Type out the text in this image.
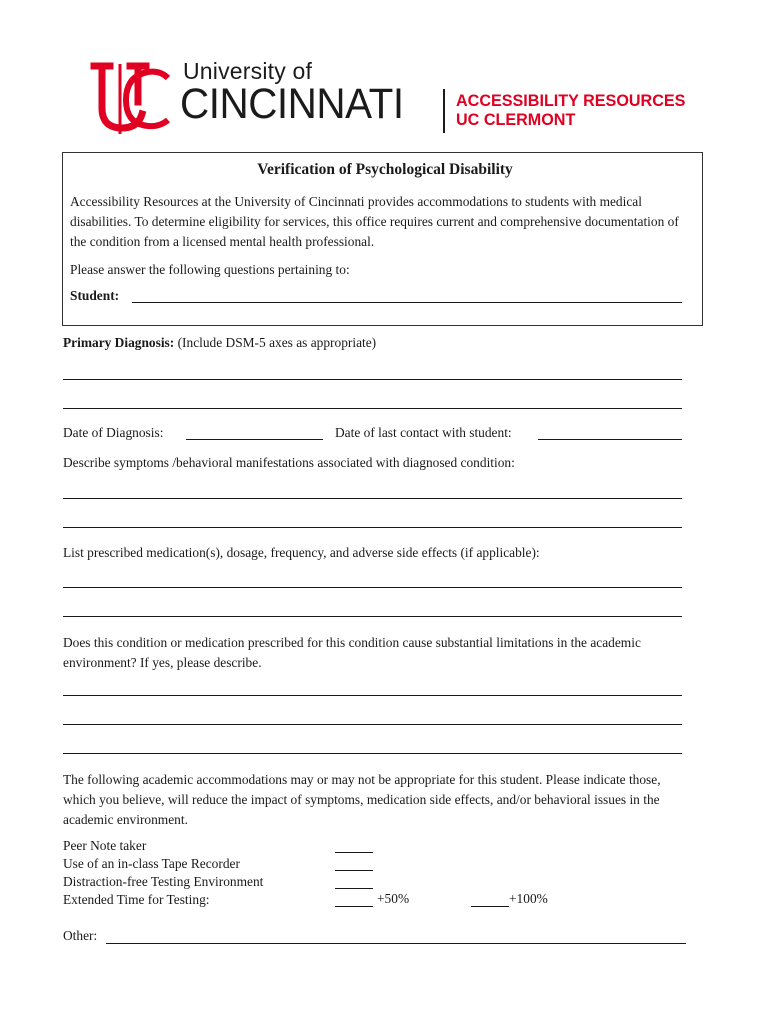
University of
CINCINNATI	ACCESSIBILITY RESOURCES
UC CLERMONT
Verification of Psychological Disability
Accessibility Resources at the University of Cincinnati provides accommodations to students with medical disabilities. To determine eligibility for services, this office requires current and comprehensive documentation of the condition from a licensed mental health professional.
Please answer the following questions pertaining to:
Student:
Primary Diagnosis: (Include DSM-5 axes as appropriate)
Date of Diagnosis:	Date of last contact with student:
Describe symptoms /behavioral manifestations associated with diagnosed condition:
List prescribed medication(s), dosage, frequency, and adverse side effects (if applicable):
Does this condition or medication prescribed for this condition cause substantial limitations in the academic environment? If yes, please describe.
The following academic accommodations may or may not be appropriate for this student. Please indicate those, which you believe, will reduce the impact of symptoms, medication side effects, and/or behavioral issues in the academic environment.
Peer Note taker
Use of an in-class Tape Recorder
Distraction-free Testing Environment
Extended Time for Testing:	+50%	+100%
Other:
